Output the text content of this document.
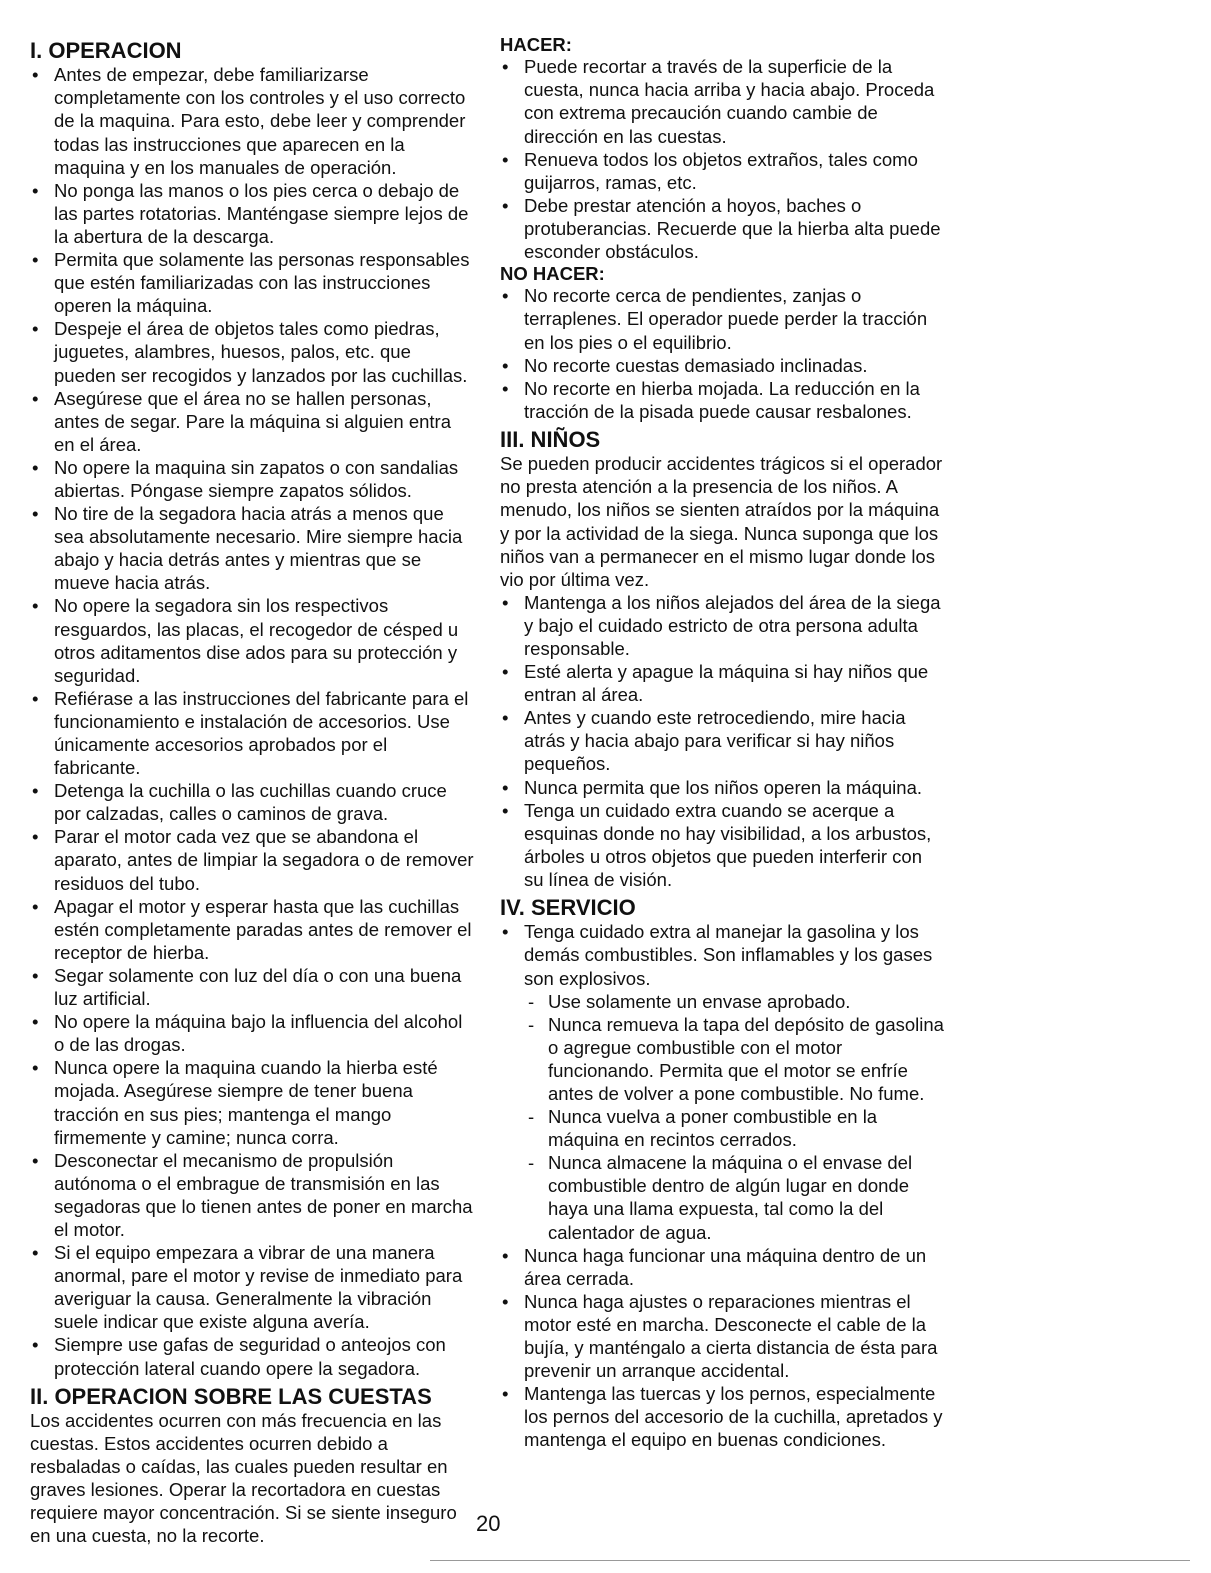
I. OPERACION
• Antes de empezar, debe familiarizarse completamente con los controles y el uso correcto de la maquina. Para esto, debe leer y comprender todas las instrucciones que aparecen en la maquina y en los manuales de operación.
• No ponga las manos o los pies cerca o debajo de las partes rotatorias. Manténgase siempre lejos de la abertura de la descarga.
• Permita que solamente las personas responsables que estén familiarizadas con las instrucciones operen la máquina.
• Despeje el área de objetos tales como piedras, juguetes, alambres, huesos, palos, etc. que pueden ser recogidos y lanzados por las cuchillas.
• Asegúrese que el área no se hallen personas, antes de segar. Pare la máquina si alguien entra en el área.
• No opere la maquina sin zapatos o con sandalias abiertas. Póngase siempre zapatos sólidos.
• No tire de la segadora hacia atrás a menos que sea absolutamente necesario. Mire siempre hacia abajo y hacia detrás antes y mientras que se mueve hacia atrás.
• No opere la segadora sin los respectivos resguardos, las placas, el recogedor de césped u otros aditamentos dise ados para su protección y seguridad.
• Refiérase a las instrucciones del fabricante para el funcionamiento e instalación de accesorios. Use únicamente accesorios aprobados por el fabricante.
• Detenga la cuchilla o las cuchillas cuando cruce por calzadas, calles o caminos de grava.
• Parar el motor cada vez que se abandona el aparato, antes de limpiar la segadora o de remover residuos del tubo.
• Apagar el motor y esperar hasta que las cuchillas estén completamente paradas antes de remover el receptor de hierba.
• Segar solamente con luz del día o con una buena luz artificial.
• No opere la máquina bajo la influencia del alcohol o de las drogas.
• Nunca opere la maquina cuando la hierba esté mojada. Asegúrese siempre de tener buena tracción en sus pies; mantenga el mango firmemente y camine; nunca corra.
• Desconectar el mecanismo de propulsión autónoma o el embrague de transmisión en las segadoras que lo tienen antes de poner en marcha el motor.
• Si el equipo empezara a vibrar de una manera anormal, pare el motor y revise de inmediato para averiguar la causa. Generalmente la vibración suele indicar que existe alguna avería.
• Siempre use gafas de seguridad o anteojos con protección lateral cuando opere la segadora.
II. OPERACION SOBRE LAS CUESTAS

Los accidentes ocurren con más frecuencia en las cuestas. Estos accidentes ocurren debido a resbaladas o caídas, las cuales pueden resultar en graves lesiones. Operar la recortadora en cuestas requiere mayor concentración. Si se siente inseguro en una cuesta, no la recorte.

HACER:
• Puede recortar a través de la superficie de la cuesta, nunca hacia arriba y hacia abajo. Proceda con extrema precaución cuando cambie de dirección en las cuestas.
• Renueva todos los objetos extraños, tales como guijarros, ramas, etc.
• Debe prestar atención a hoyos, baches o protuberancias. Recuerde que la hierba alta puede esconder obstáculos.
NO HACER:
• No recorte cerca de pendientes, zanjas o terraplenes. El operador puede perder la tracción en los pies o el equilibrio.
• No recorte cuestas demasiado inclinadas.
• No recorte en hierba mojada. La reducción en la tracción de la pisada puede causar resbalones.
III. NIÑOS

Se pueden producir accidentes trágicos si el operador no presta atención a la presencia de los niños. A menudo, los niños se sienten atraídos por la máquina y por la actividad de la siega. Nunca suponga que los niños van a permanecer en el mismo lugar donde los vio por última vez.

• Mantenga a los niños alejados del área de la siega y bajo el cuidado estricto de otra persona adulta responsable.
• Esté alerta y apague la máquina si hay niños que entran al área.
• Antes y cuando este retrocediendo, mire hacia atrás y hacia abajo para verificar si hay niños pequeños.
• Nunca permita que los niños operen la máquina.
• Tenga un cuidado extra cuando se acerque a esquinas donde no hay visibilidad, a los arbustos, árboles u otros objetos que pueden interferir con su línea de visión.
IV. SERVICIO
• Tenga cuidado extra al manejar la gasolina y los demás combustibles. Son inflamables y los gases son explosivos.
- Use solamente un envase aprobado.
- Nunca remueva la tapa del depósito de gasolina o agregue combustible con el motor funcionando. Permita que el motor se enfríe antes de volver a pone combustible. No fume.
- Nunca vuelva a poner combustible en la máquina en recintos cerrados.
- Nunca almacene la máquina o el envase del combustible dentro de algún lugar en donde haya una llama expuesta, tal como la del calentador de agua.
• Nunca haga funcionar una máquina dentro de un área cerrada.
• Nunca haga ajustes o reparaciones mientras el motor esté en marcha. Desconecte el cable de la bujía, y manténgalo a cierta distancia de ésta para prevenir un arranque accidental.
• Mantenga las tuercas y los pernos, especialmente los pernos del accesorio de la cuchilla, apretados y mantenga el equipo en buenas condiciones.
20
